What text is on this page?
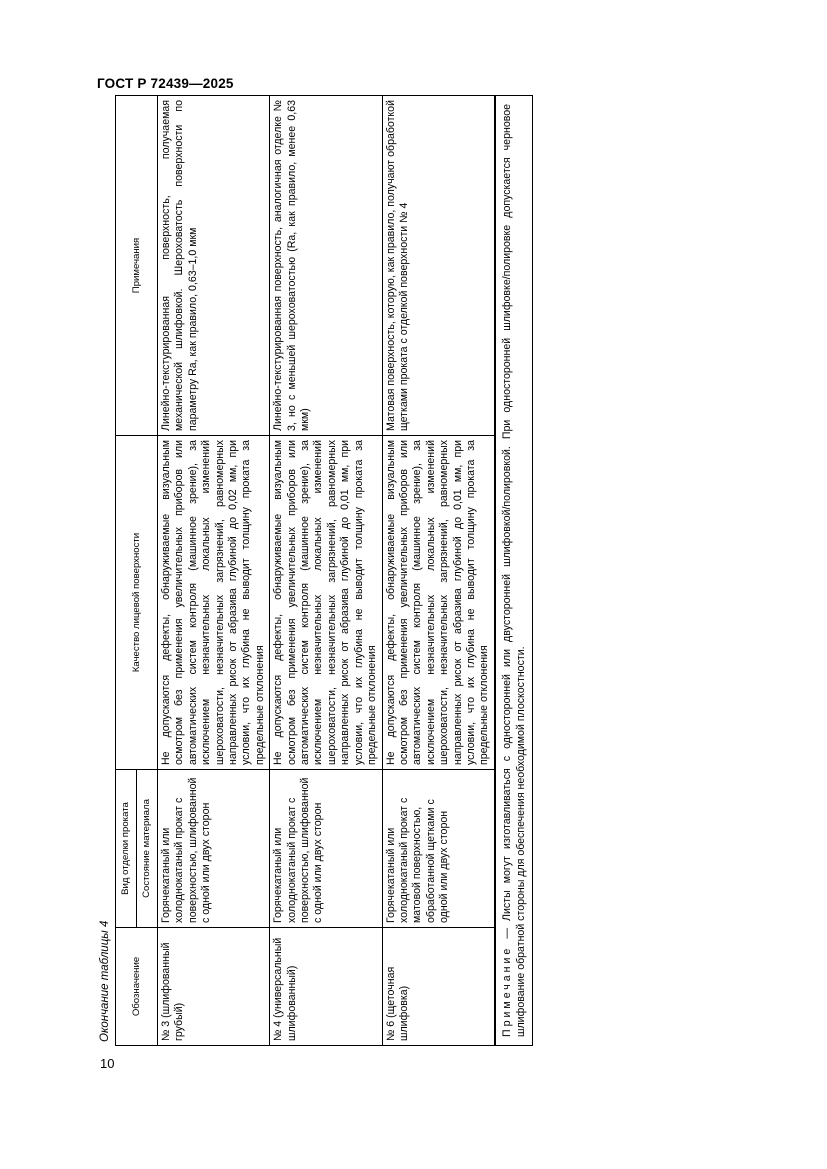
ГОСТ Р 72439—2025
Окончание таблицы 4	Обозначение	Вид отделки проката	Качество лицевой поверхности	Примечания
	Состояние материала		
№ 3 (шлифованный грубый)	Горячекатаный или холоднокатаный прокат с поверхностью, шлифованной с одной или двух сторон	Не допускаются дефекты, обнаруживаемые визуальным осмотром без применения увеличительных приборов или автоматических систем контроля (машинное зрение), за исключением незначительных локальных изменений шероховатости, незначительных загрязнений, равномерных направленных рисок от абразива глубиной до 0,02 мм, при условии, что их глубина не выводит толщину проката за предельные отклонения	Линейно-текстурированная поверхность, получаемая механической шлифовкой. Шероховатость поверхности по параметру Ra, как правило, 0,63–1,0 мкм
№ 4 (универсальный шлифованный)	Горячекатаный или холоднокатаный прокат с поверхностью, шлифованной с одной или двух сторон	Не допускаются дефекты, обнаруживаемые визуальным осмотром без применения увеличительных приборов или автоматических систем контроля (машинное зрение), за исключением незначительных локальных изменений шероховатости, незначительных загрязнений, равномерных направленных рисок от абразива глубиной до 0,01 мм, при условии, что их глубина не выводит толщину проката за предельные отклонения	Линейно-текстурированная поверхность, аналогичная отделке № 3, но с меньшей шероховатостью (Ra, как правило, менее 0,63 мкм)
№ 6 (щеточная шлифовка)	Горячекатаный или холоднокатаный прокат с матовой поверхностью, обработанной щетками с одной или двух сторон	Не допускаются дефекты, обнаруживаемые визуальным осмотром без применения увеличительных приборов или автоматических систем контроля (машинное зрение), за исключением незначительных локальных изменений шероховатости, незначительных загрязнений, равномерных направленных рисок от абразива глубиной до 0,01 мм, при условии, что их глубина не выводит толщину проката за предельные отклонения	Матовая поверхность, которую, как правило, получают обработкой щетками проката с отделкой поверхности № 4
Примечание — Листы могут изготавливаться с односторонней или двусторонней шлифовкой/полировкой. При односторонней шлифовке/полировке допускается черновое шлифование обратной стороны для обеспечения необходимой плоскостности.			
10
